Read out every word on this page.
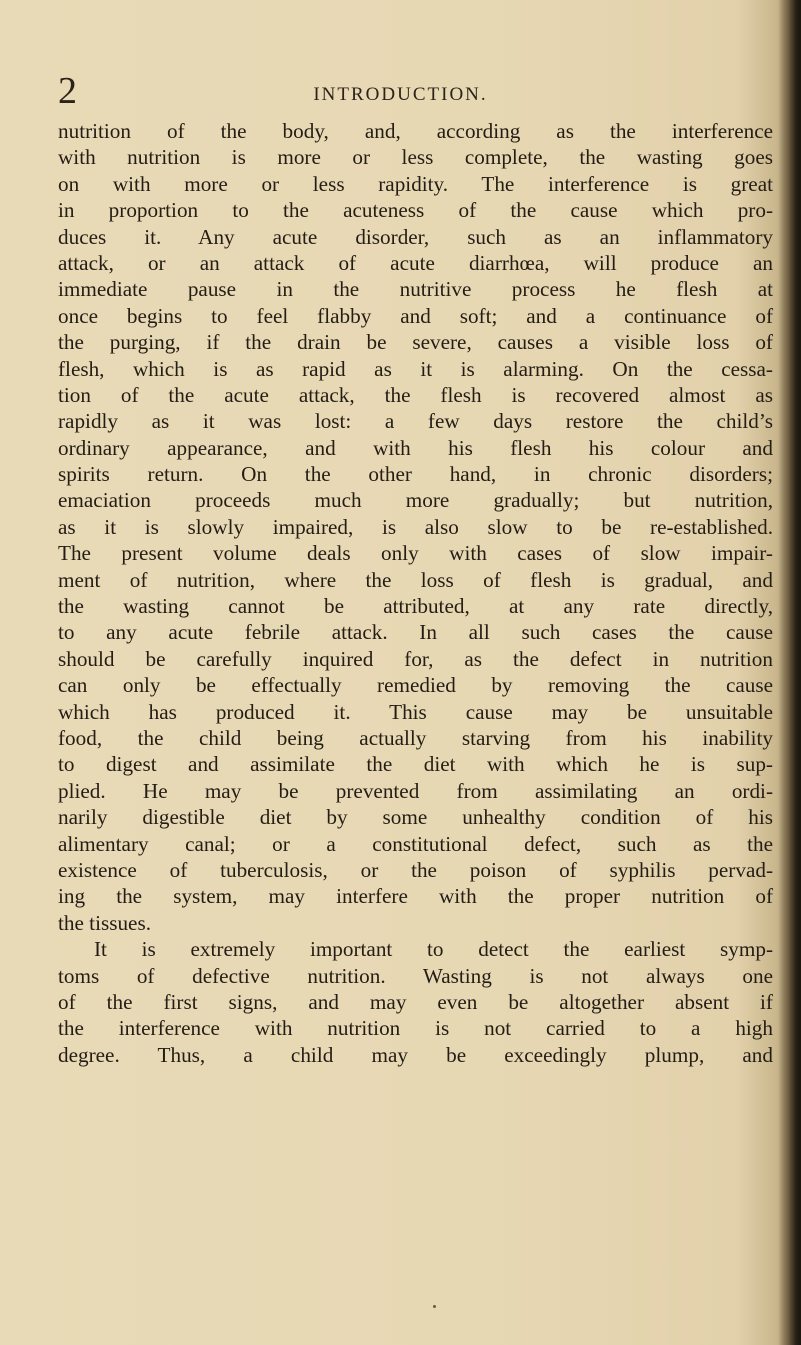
2	INTRODUCTION.
nutrition of the body, and, according as the interference
with nutrition is more or less complete, the wasting goes
on with more or less rapidity. The interference is great
in proportion to the acuteness of the cause which pro-
duces it. Any acute disorder, such as an inflammatory
attack, or an attack of acute diarrhœa, will produce an
immediate pause in the nutritive process he flesh at
once begins to feel flabby and soft; and a continuance of
the purging, if the drain be severe, causes a visible loss of
flesh, which is as rapid as it is alarming. On the cessa-
tion of the acute attack, the flesh is recovered almost as
rapidly as it was lost: a few days restore the child’s
ordinary appearance, and with his flesh his colour and
spirits return. On the other hand, in chronic disorders;
emaciation proceeds much more gradually; but nutrition,
as it is slowly impaired, is also slow to be re-established.
The present volume deals only with cases of slow impair-
ment of nutrition, where the loss of flesh is gradual, and
the wasting cannot be attributed, at any rate directly,
to any acute febrile attack. In all such cases the cause
should be carefully inquired for, as the defect in nutrition
can only be effectually remedied by removing the cause
which has produced it. This cause may be unsuitable
food, the child being actually starving from his inability
to digest and assimilate the diet with which he is sup-
plied. He may be prevented from assimilating an ordi-
narily digestible diet by some unhealthy condition of his
alimentary canal; or a constitutional defect, such as the
existence of tuberculosis, or the poison of syphilis pervad-
ing the system, may interfere with the proper nutrition of
the tissues.
It is extremely important to detect the earliest symp-
toms of defective nutrition. Wasting is not always one
of the first signs, and may even be altogether absent if
the interference with nutrition is not carried to a high
degree. Thus, a child may be exceedingly plump, and
